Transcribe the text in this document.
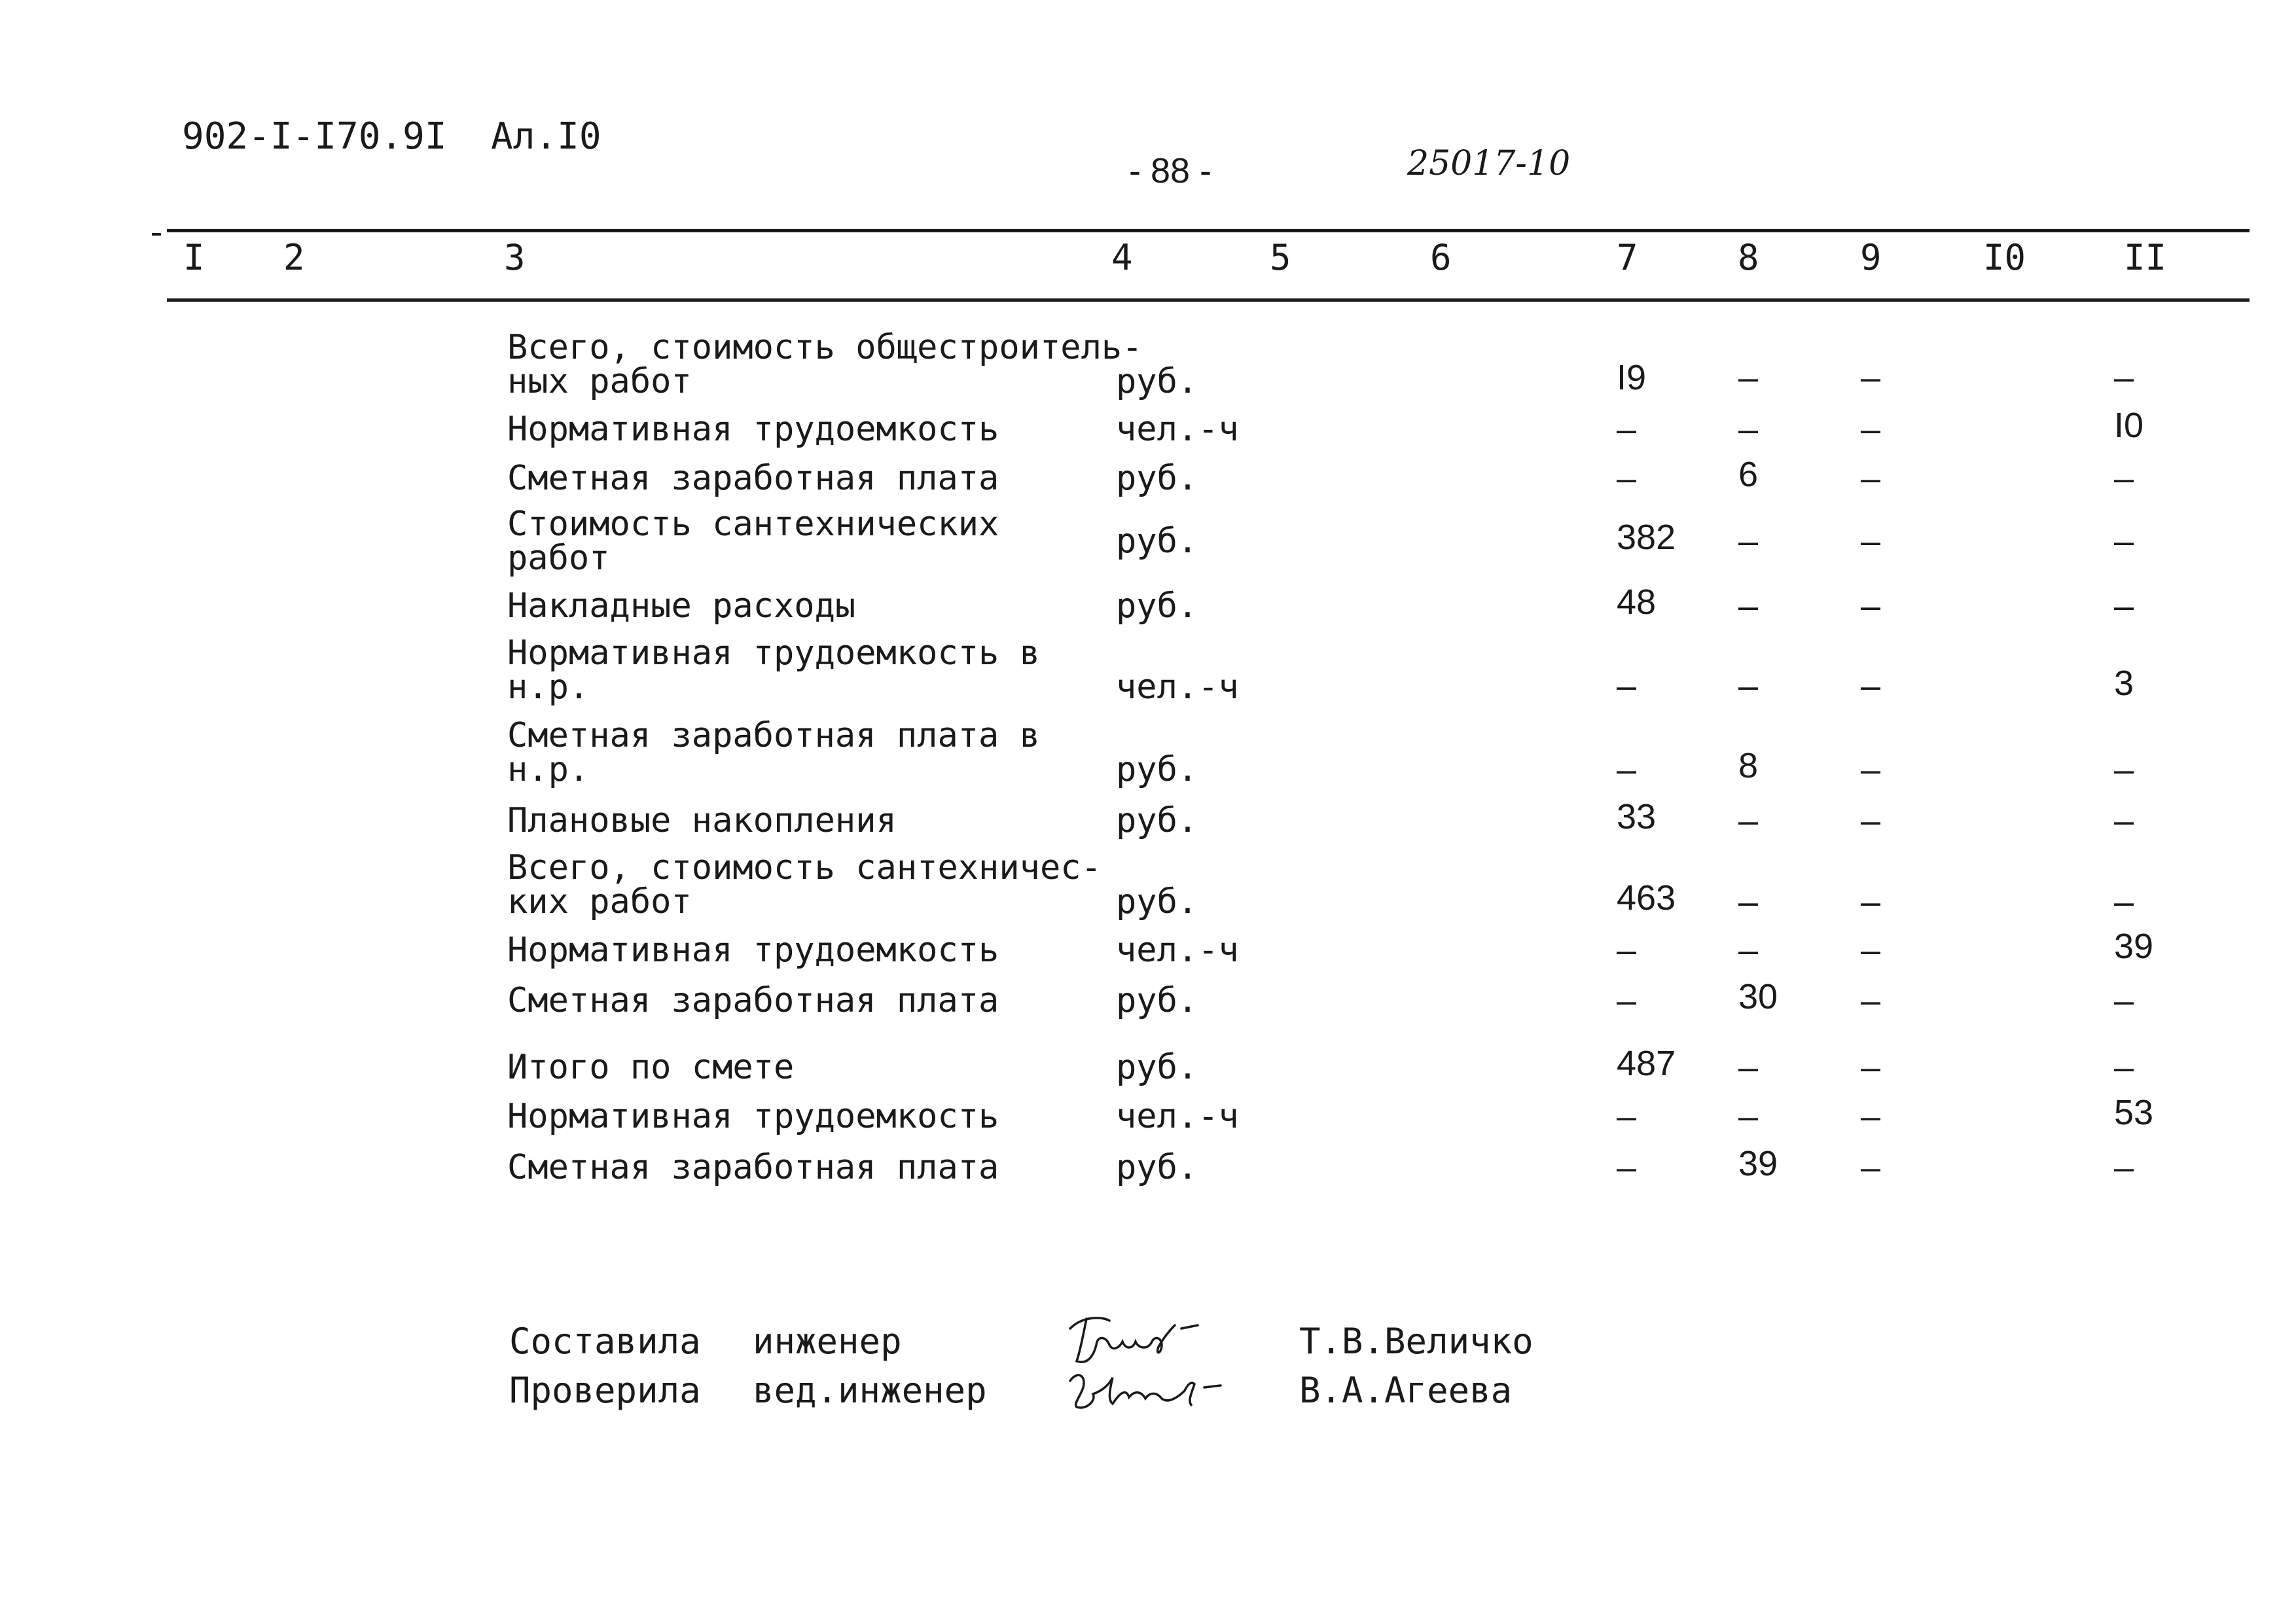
902-I-I70.9I  Ал.I0
- 88 -	25017-10
I 2	3	4	5	6	7	8	9	I0	II
Всего, стоимость общестроитель-
ных работ	руб.	I9	–	–	–
Нормативная трудоемкость	чел.-ч	–	–	–	I0
Сметная заработная плата	руб.	–	6	–	–
Стоимость сантехнических
работ	руб.	382 –	–	–
Накладные расходы	руб.	48 –	–	–
Нормативная трудоемкость в
н.р.	чел.-ч	–	–	–	3
Сметная заработная плата в
н.р.	руб.	–	8	–	–
Плановые накопления	руб.	33 –	–	–
Всего, стоимость сантехничес-
ких работ	руб.	463 –	–	–
Нормативная трудоемкость	чел.-ч	–	–	–	39
Сметная заработная плата	руб.	–	30 –	–
Итого по смете	руб.	487 –	–	–
Нормативная трудоемкость	чел.-ч	–	–	–	53
Сметная заработная плата	руб.	–	39 –	–
Составила инженер	Т.В.Величко
Проверила вед.инженер	В.А.Агеева
